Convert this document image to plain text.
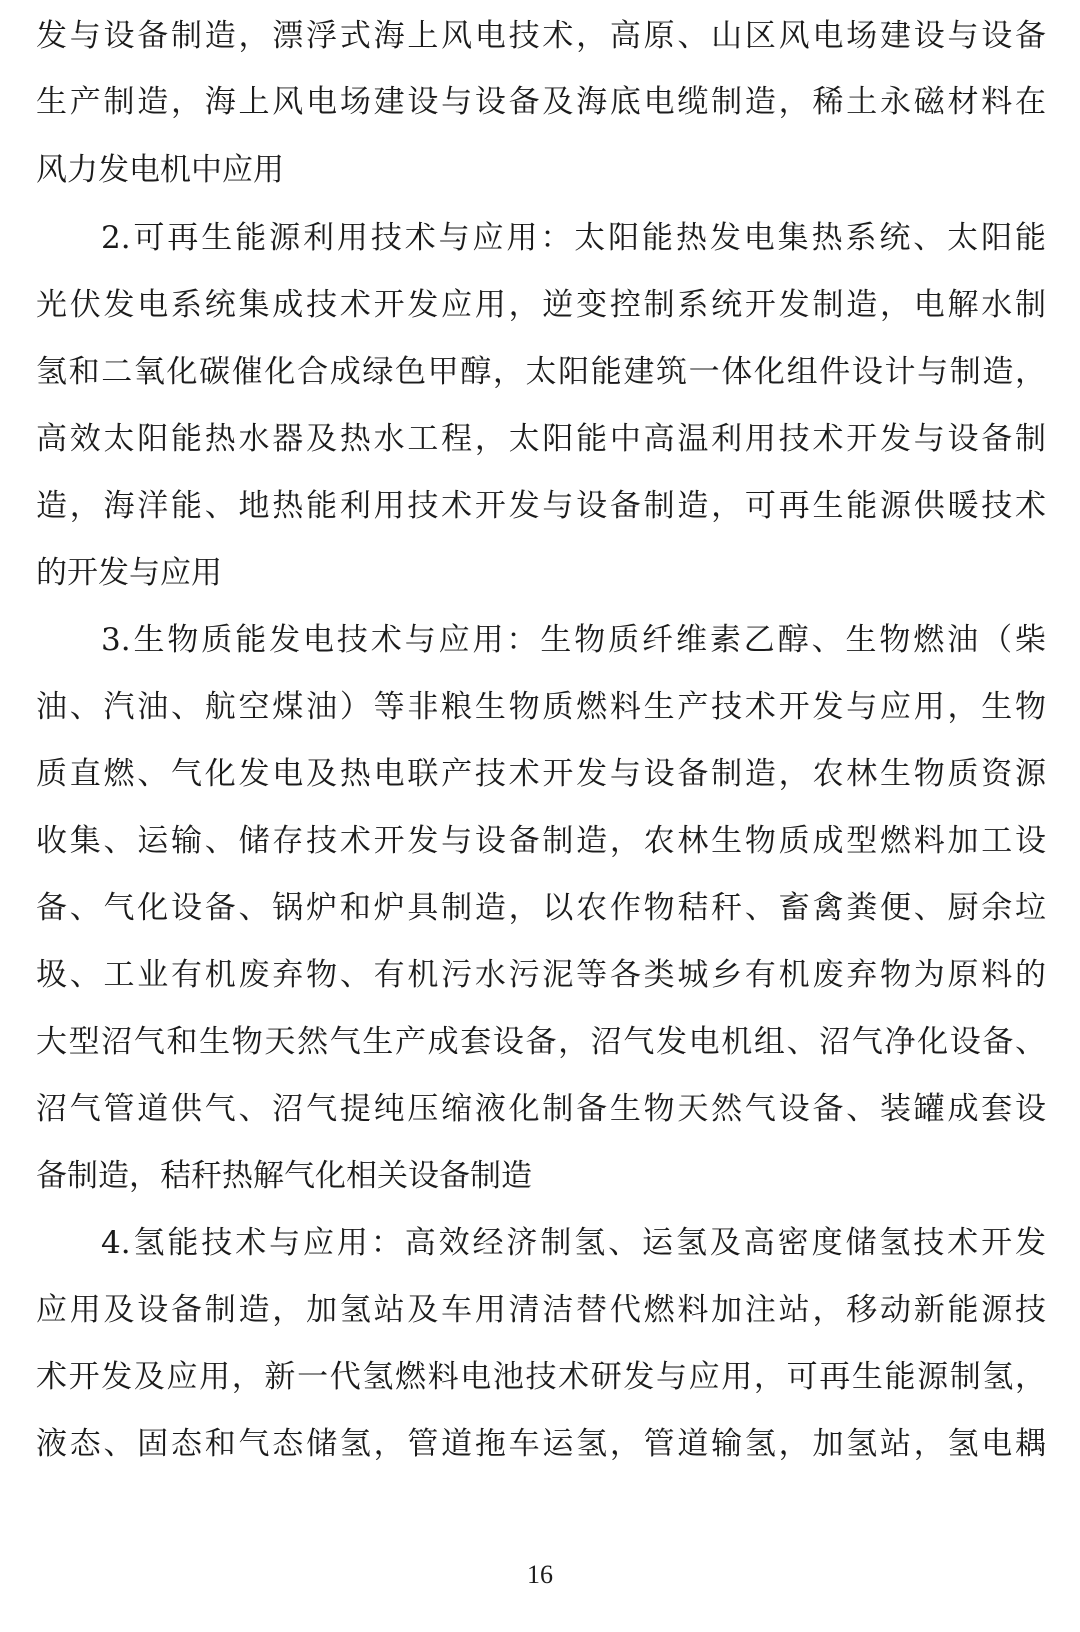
发与设备制造，漂浮式海上风电技术，高原、山区风电场建设与设备
生产制造，海上风电场建设与设备及海底电缆制造，稀土永磁材料在
风力发电机中应用
2.可再生能源利用技术与应用：太阳能热发电集热系统、太阳能
光伏发电系统集成技术开发应用，逆变控制系统开发制造，电解水制
氢和二氧化碳催化合成绿色甲醇，太阳能建筑一体化组件设计与制造，
高效太阳能热水器及热水工程，太阳能中高温利用技术开发与设备制
造，海洋能、地热能利用技术开发与设备制造，可再生能源供暖技术
的开发与应用
3.生物质能发电技术与应用：生物质纤维素乙醇、生物燃油（柴
油、汽油、航空煤油）等非粮生物质燃料生产技术开发与应用，生物
质直燃、气化发电及热电联产技术开发与设备制造，农林生物质资源
收集、运输、储存技术开发与设备制造，农林生物质成型燃料加工设
备、气化设备、锅炉和炉具制造，以农作物秸秆、畜禽粪便、厨余垃
圾、工业有机废弃物、有机污水污泥等各类城乡有机废弃物为原料的
大型沼气和生物天然气生产成套设备，沼气发电机组、沼气净化设备、
沼气管道供气、沼气提纯压缩液化制备生物天然气设备、装罐成套设
备制造，秸秆热解气化相关设备制造
4.氢能技术与应用：高效经济制氢、运氢及高密度储氢技术开发
应用及设备制造，加氢站及车用清洁替代燃料加注站，移动新能源技
术开发及应用，新一代氢燃料电池技术研发与应用，可再生能源制氢，
液态、固态和气态储氢，管道拖车运氢，管道输氢，加氢站，氢电耦
16
